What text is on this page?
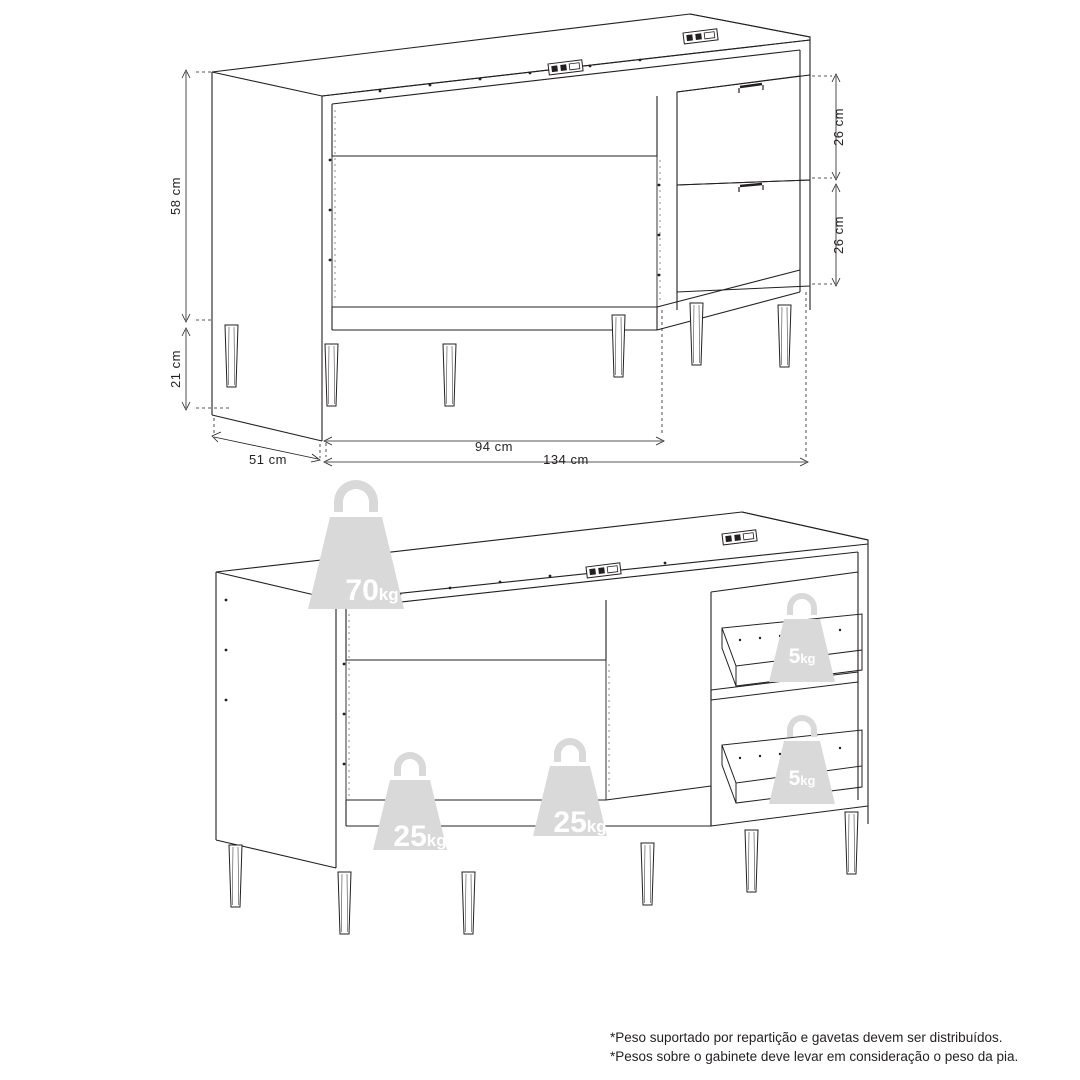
58 cm
21 cm
26 cm
26 cm
94 cm
134 cm
51 cm
70kg
5kg
5kg
25kg
25kg
*Peso suportado por repartição e gavetas devem ser distribuídos.
*Pesos sobre o gabinete deve levar em consideração o peso da pia.
